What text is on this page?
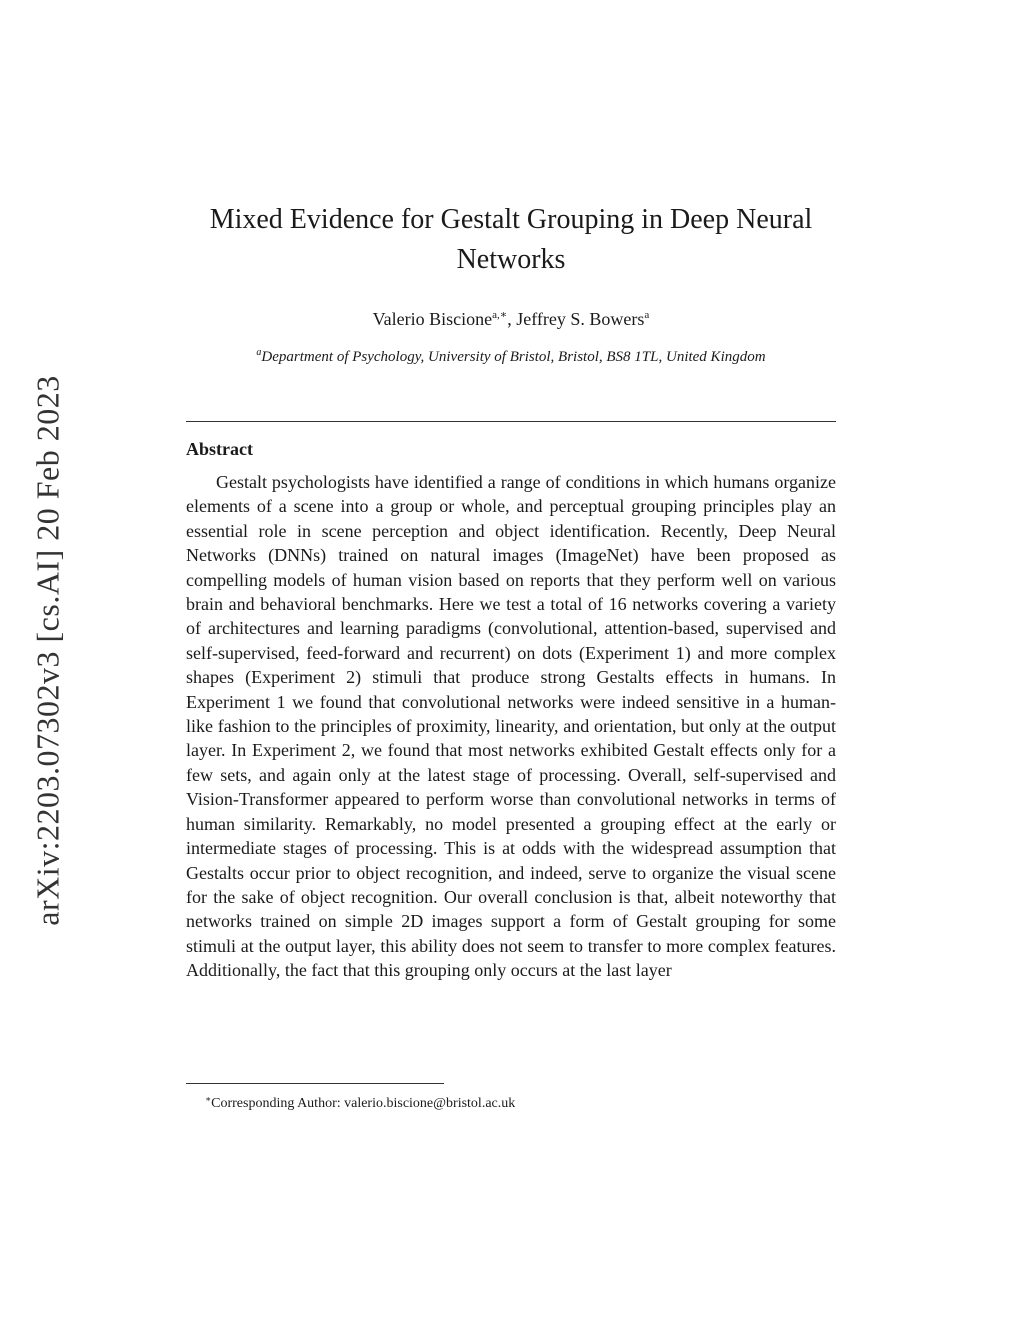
arXiv:2203.07302v3 [cs.AI] 20 Feb 2023
Mixed Evidence for Gestalt Grouping in Deep Neural Networks
Valerio Biscione$^{a,∗}$, Jeffrey S. Bowers$^a$
$^a$Department of Psychology, University of Bristol, Bristol, BS8 1TL, United Kingdom
Abstract

Gestalt psychologists have identified a range of conditions in which humans organize elements of a scene into a group or whole, and perceptual grouping principles play an essential role in scene perception and object identification. Recently, Deep Neural Networks (DNNs) trained on natural images (ImageNet) have been proposed as compelling models of human vision based on reports that they perform well on various brain and behavioral benchmarks. Here we test a total of 16 networks covering a variety of architectures and learning paradigms (convolutional, attention-based, supervised and self-supervised, feed-forward and recurrent) on dots (Experiment 1) and more complex shapes (Experiment 2) stimuli that produce strong Gestalts effects in humans. In Experiment 1 we found that convolutional networks were indeed sensitive in a human-like fashion to the principles of proximity, linearity, and orientation, but only at the output layer. In Experiment 2, we found that most networks exhibited Gestalt effects only for a few sets, and again only at the latest stage of processing. Overall, self-supervised and Vision-Transformer appeared to perform worse than convolutional networks in terms of human similarity. Remarkably, no model presented a grouping effect at the early or intermediate stages of processing. This is at odds with the widespread assumption that Gestalts occur prior to object recognition, and indeed, serve to organize the visual scene for the sake of object recognition. Our overall conclusion is that, albeit noteworthy that networks trained on simple 2D images support a form of Gestalt grouping for some stimuli at the output layer, this ability does not seem to transfer to more complex features. Additionally, the fact that this grouping only occurs at the last layer

∗Corresponding Author: valerio.biscione@bristol.ac.uk
